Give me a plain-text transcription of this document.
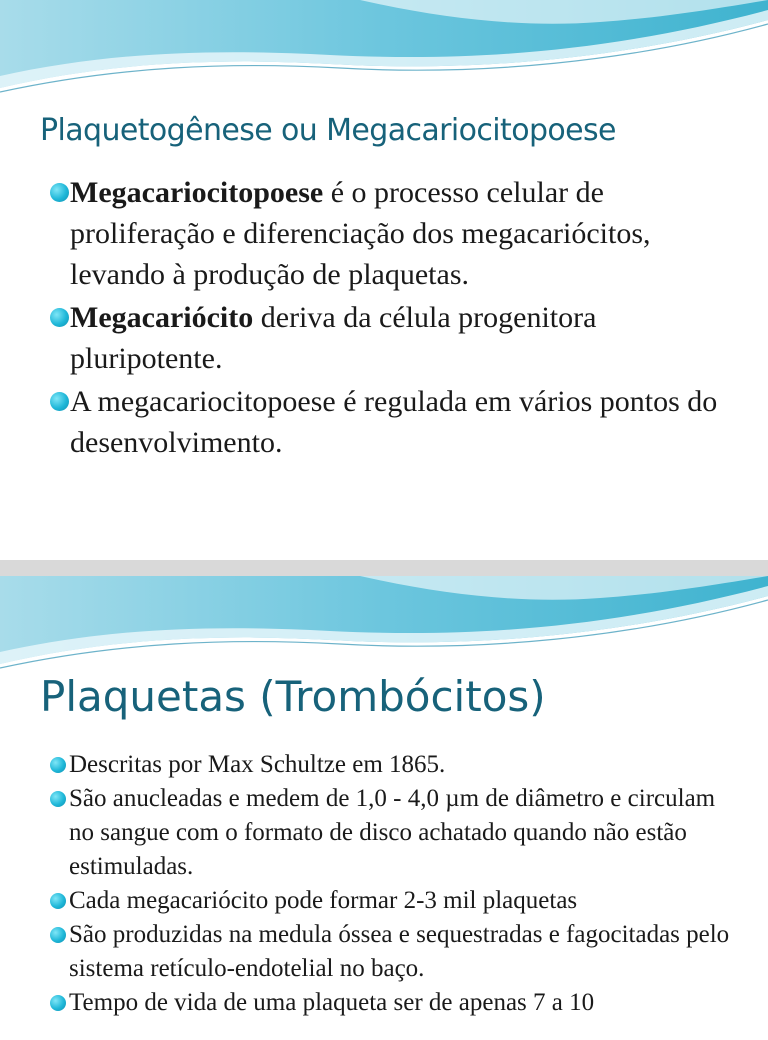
Plaquetogênese ou Megacariocitopoese
Megacariocitopoese é o processo celular de proliferação e diferenciação dos megacariócitos, levando à produção de plaquetas.
Megacariócito deriva da célula progenitora pluripotente.
A megacariocitopoese é regulada em vários pontos do desenvolvimento.
Plaquetas (Trombócitos)
Descritas por Max Schultze em 1865.
São anucleadas e medem de 1,0 - 4,0 µm de diâmetro e circulam no sangue com o formato de disco achatado quando não estão estimuladas.
Cada megacariócito pode formar 2-3 mil plaquetas
São produzidas na medula óssea e sequestradas e fagocitadas pelo sistema retículo-endotelial no baço.
Tempo de vida de uma plaqueta ser de apenas 7 a 10
